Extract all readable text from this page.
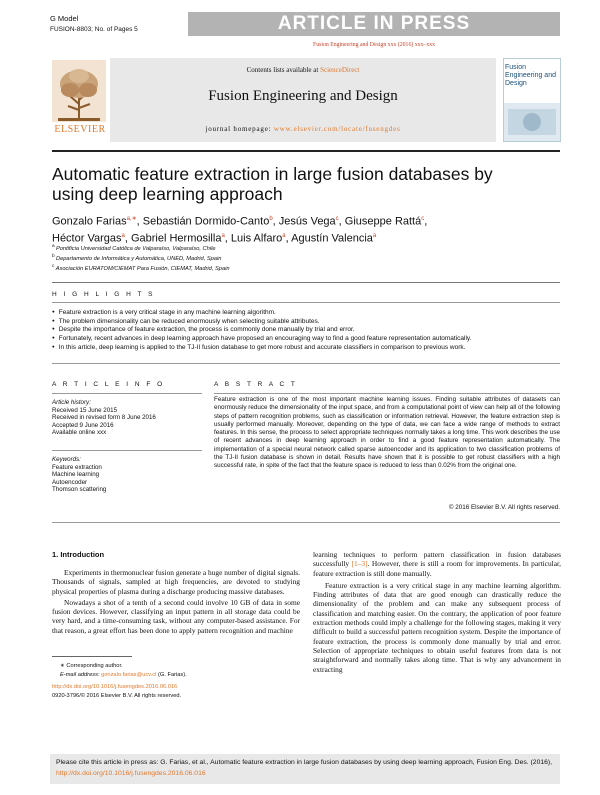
G Model
FUSION-8803; No. of Pages 5	ARTICLE IN PRESS
Fusion Engineering and Design xxx (2016) xxx–xxx
Contents lists available at ScienceDirect
Fusion Engineering and Design
journal homepage: www.elsevier.com/locate/fusengdes
ELSEVIER
Fusion Engineering and Design
Automatic feature extraction in large fusion databases by using deep learning approach
Gonzalo Farias$^{a,∗}$, Sebastián Dormido-Canto$^b$, Jesús Vega$^c$, Giuseppe Rattá$^c$,
Héctor Vargas$^a$, Gabriel Hermosilla$^a$, Luis Alfaro$^a$, Agustín Valencia$^a$
$^a$ Pontificia Universidad Católica de Valparaíso, Valparaíso, Chile
$^b$ Departamento de Informática y Automática, UNED, Madrid, Spain
$^c$ Asociación EURATOM/CIEMAT Para Fusión, CIEMAT, Madrid, Spain
H I G H L I G H T S
● Feature extraction is a very critical stage in any machine learning algorithm.
● The problem dimensionality can be reduced enormously when selecting suitable attributes.
● Despite the importance of feature extraction, the process is commonly done manually by trial and error.
● Fortunately, recent advances in deep learning approach have proposed an encouraging way to find a good feature representation automatically.
● In this article, deep learning is applied to the TJ-II fusion database to get more robust and accurate classifiers in comparison to previous work.
A R T I C L E I N F O	A B S T R A C T
Article history:
Received 15 June 2015
Received in revised form 8 June 2016
Accepted 9 June 2016
Available online xxx
Keywords:
Feature extraction
Machine learning
Autoencoder
Thomson scattering
Feature extraction is one of the most important machine learning issues. Finding suitable attributes of datasets can enormously reduce the dimensionality of the input space, and from a computational point of view can help all of the following steps of pattern recognition problems, such as classification or information retrieval. However, the feature extraction step is usually performed manually. Moreover, depending on the type of data, we can face a wide range of methods to extract features. In this sense, the process to select appropriate techniques normally takes a long time. This work describes the use of recent advances in deep learning approach in order to find a good feature representation automatically. The implementation of a special neural network called sparse autoencoder and its application to two classification problems of the TJ-II fusion database is shown in detail. Results have shown that it is possible to get robust classifiers with a high successful rate, in spite of the fact that the feature space is reduced to less than 0.02% from the original one.
© 2016 Elsevier B.V. All rights reserved.
1. Introduction

Experiments in thermonuclear fusion generate a huge number of digital signals. Thousands of signals, sampled at high frequencies, are devoted to studying physical properties of plasma during a discharge producing massive databases.

Nowadays a shot of a tenth of a second could involve 10 GB of data in some fusion devices. However, classifying an input pattern in all storage data could be very hard, and a time-consuming task, without any computer-based assistance. For that reason, a great effort has been done to apply pattern recognition and machine

learning techniques to perform pattern classification in fusion databases successfully [1–3]. However, there is still a room for improvements. In particular, feature extraction is still done manually.

Feature extraction is a very critical stage in any machine learning algorithm. Finding attributes of data that are good enough can drastically reduce the dimensionality of the problem and can make any subsequent process of classification and matching easier. On the contrary, the application of poor feature extraction methods could imply a challenge for the following stages, making it very difficult to build a successful pattern recognition system. Despite the importance of feature extraction, the process is commonly done manually by trial and error. Selection of appropriate techniques to obtain useful features from data is not straightforward and normally takes along time. That is why any advancement in extracting

∗ Corresponding author.
E-mail address: gonzalo.farias@ucv.cl (G. Farias).
http://dx.doi.org/10.1016/j.fusengdes.2016.06.016
0920-3796/© 2016 Elsevier B.V. All rights reserved.
Please cite this article in press as: G. Farias, et al., Automatic feature extraction in large fusion databases by using deep learning approach, Fusion Eng. Des. (2016), http://dx.doi.org/10.1016/j.fusengdes.2016.06.016
